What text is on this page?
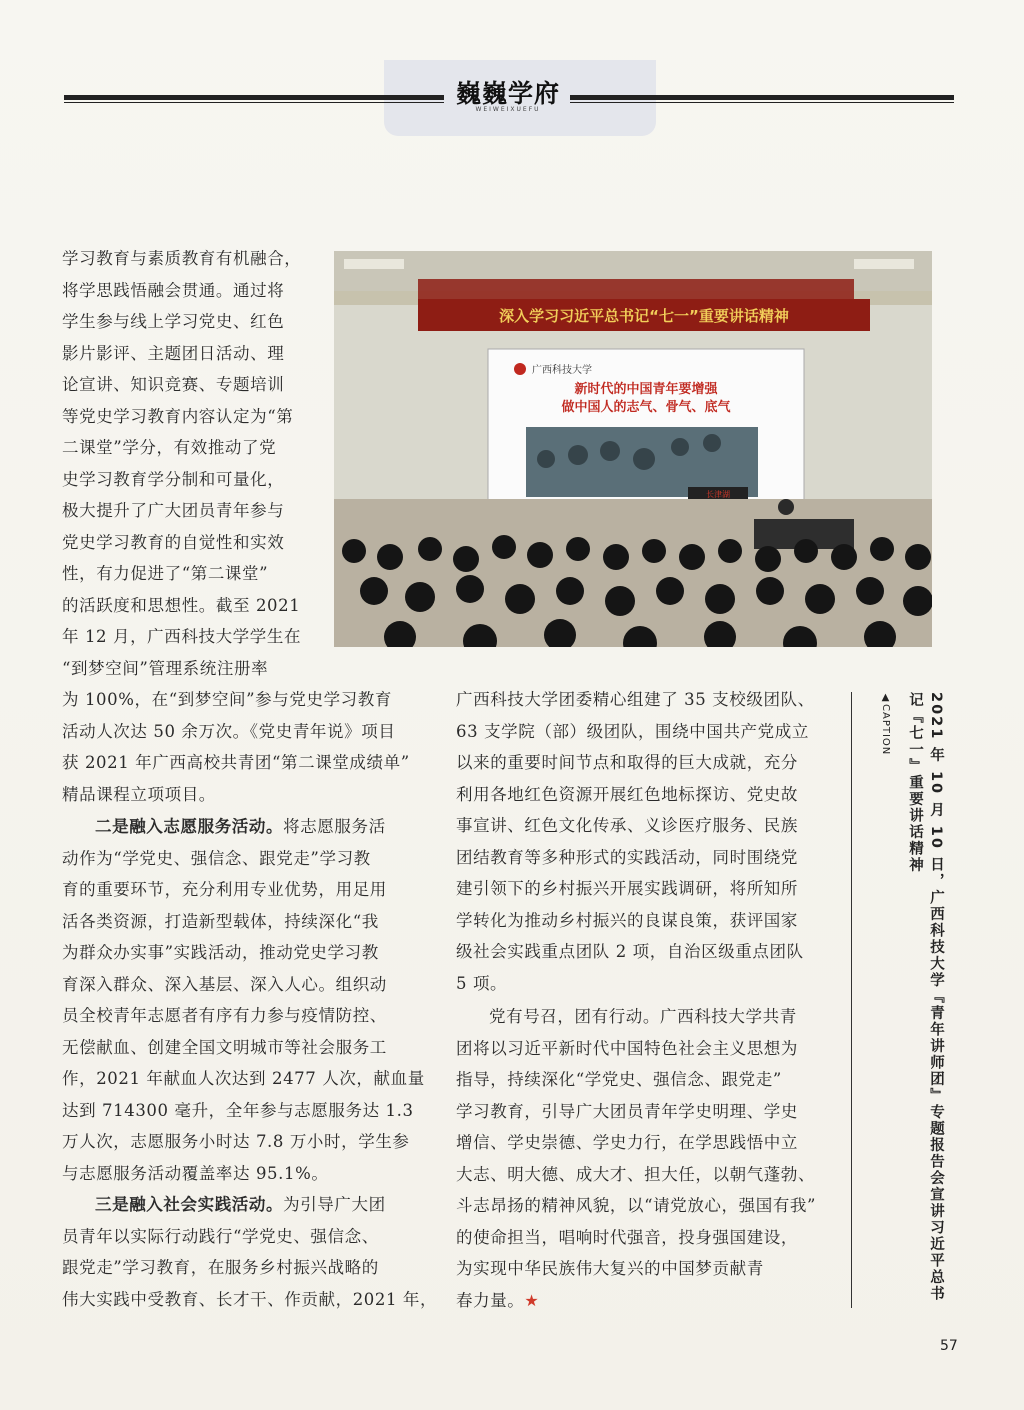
巍巍学府
WEIWEIXUEFU

学习教育与素质教育有机融合，

将学思践悟融会贯通。通过将

学生参与线上学习党史、红色

影片影评、主题团日活动、理

论宣讲、知识竞赛、专题培训

等党史学习教育内容认定为“第

二课堂”学分，有效推动了党

史学习教育学分制和可量化，

极大提升了广大团员青年参与

党史学习教育的自觉性和实效

性，有力促进了“第二课堂”

的活跃度和思想性。截至 2021

年 12 月，广西科技大学学生在

“到梦空间”管理系统注册率

深入学习习近平总书记“七一”重要讲话精神
广西科技大学
新时代的中国青年要增强
做中国人的志气、骨气、底气
长津湖

为 100%，在“到梦空间”参与党史学习教育

活动人次达 50 余万次。《党史青年说》项目

获 2021 年广西高校共青团“第二课堂成绩单”

精品课程立项项目。

二是融入志愿服务活动。将志愿服务活

动作为“学党史、强信念、跟党走”学习教

育的重要环节，充分利用专业优势，用足用

活各类资源，打造新型载体，持续深化“我

为群众办实事”实践活动，推动党史学习教

育深入群众、深入基层、深入人心。组织动

员全校青年志愿者有序有力参与疫情防控、

无偿献血、创建全国文明城市等社会服务工

作，2021 年献血人次达到 2477 人次，献血量

达到 714300 毫升，全年参与志愿服务达 1.3

万人次，志愿服务小时达 7.8 万小时，学生参

与志愿服务活动覆盖率达 95.1%。

三是融入社会实践活动。为引导广大团

员青年以实际行动践行“学党史、强信念、

跟党走”学习教育，在服务乡村振兴战略的

伟大实践中受教育、长才干、作贡献，2021 年，

广西科技大学团委精心组建了 35 支校级团队、

63 支学院（部）级团队，围绕中国共产党成立

以来的重要时间节点和取得的巨大成就，充分

利用各地红色资源开展红色地标探访、党史故

事宣讲、红色文化传承、义诊医疗服务、民族

团结教育等多种形式的实践活动，同时围绕党

建引领下的乡村振兴开展实践调研，将所知所

学转化为推动乡村振兴的良谋良策，获评国家

级社会实践重点团队 2 项，自治区级重点团队

5 项。

党有号召，团有行动。广西科技大学共青

团将以习近平新时代中国特色社会主义思想为

指导，持续深化“学党史、强信念、跟党走”

学习教育，引导广大团员青年学史明理、学史

增信、学史崇德、学史力行，在学思践悟中立

大志、明大德、成大才、担大任，以朝气蓬勃、

斗志昂扬的精神风貌，以“请党放心，强国有我”

的使命担当，唱响时代强音，投身强国建设，

为实现中华民族伟大复兴的中国梦贡献青

春力量。★

▲CAPTION	2021 年 10 月 10 日，广西科技大学『青年讲师团』专题报告会宣讲习近平总书记『七一』重要讲话精神
57
